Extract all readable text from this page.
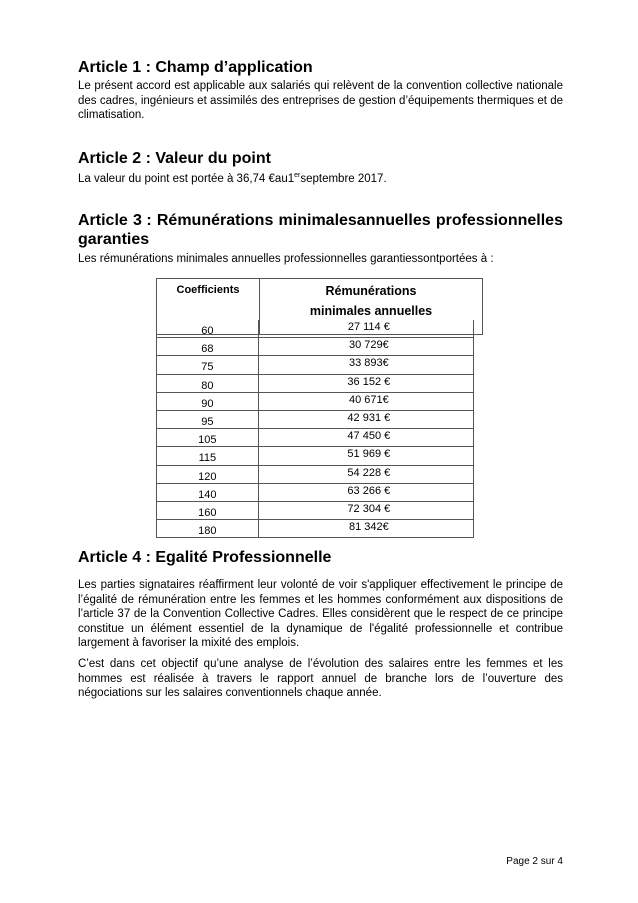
Article 1 : Champ d’application

Le présent accord est applicable aux salariés qui relèvent de la convention collective nationale des cadres, ingénieurs et assimilés des entreprises de gestion d’équipements thermiques et de climatisation.

Article 2 : Valeur du point

La valeur du point est portée à 36,74 €au1erseptembre 2017.

Article 3 : Rémunérations minimalesannuelles professionnelles
garanties

Les rémunérations minimales annuelles professionnelles garantiessontportées à :

Coefficients	Rémunérations
minimales annuelles
60	27 114 €
68	30 729€
75	33 893€
80	36 152 €
90	40 671€
95	42 931 €
105	47 450 €
115	51 969 €
120	54 228 €
140	63 266 €
160	72 304 €
180	81 342€
Article 4 : Egalité Professionnelle

Les parties signataires réaffirment leur volonté de voir s'appliquer effectivement le principe de l’égalité de rémunération entre les femmes et les hommes conformément aux dispositions de l’article 37 de la Convention Collective Cadres. Elles considèrent que le respect de ce principe constitue un élément essentiel de la dynamique de l'égalité professionnelle et contribue largement à favoriser la mixité des emplois.

C’est dans cet objectif qu’une analyse de l’évolution des salaires entre les femmes et les hommes est réalisée à travers le rapport annuel de branche lors de l’ouverture des négociations sur les salaires conventionnels chaque année.

Page 2 sur 4
